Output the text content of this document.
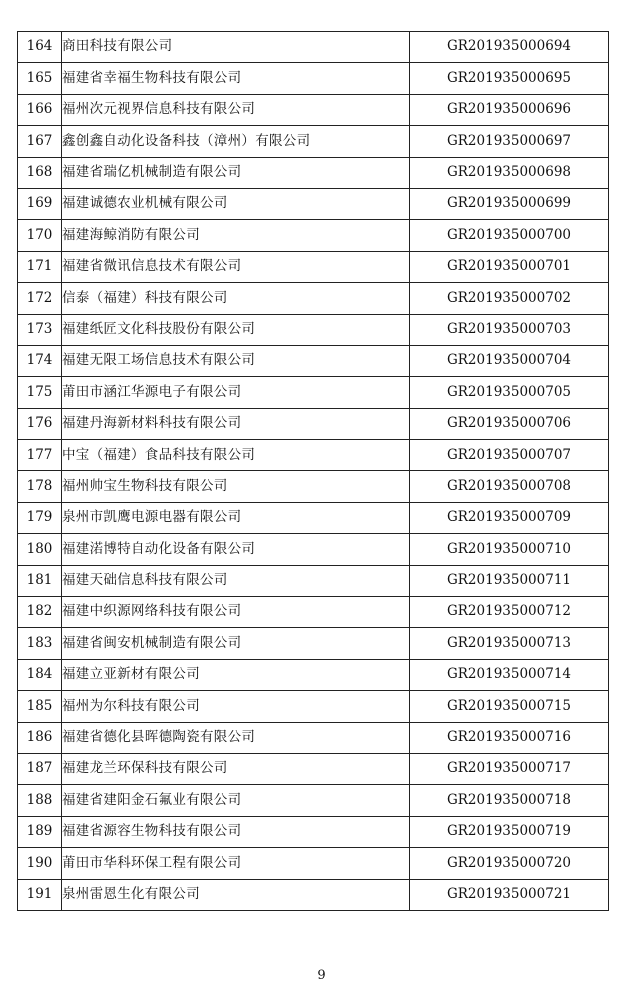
164	商田科技有限公司	GR201935000694
165	福建省幸福生物科技有限公司	GR201935000695
166	福州次元视界信息科技有限公司	GR201935000696
167	鑫创鑫自动化设备科技（漳州）有限公司	GR201935000697
168	福建省瑞亿机械制造有限公司	GR201935000698
169	福建诚德农业机械有限公司	GR201935000699
170	福建海鲸消防有限公司	GR201935000700
171	福建省微讯信息技术有限公司	GR201935000701
172	信泰（福建）科技有限公司	GR201935000702
173	福建纸匠文化科技股份有限公司	GR201935000703
174	福建无限工场信息技术有限公司	GR201935000704
175	莆田市涵江华源电子有限公司	GR201935000705
176	福建丹海新材料科技有限公司	GR201935000706
177	中宝（福建）食品科技有限公司	GR201935000707
178	福州帅宝生物科技有限公司	GR201935000708
179	泉州市凯鹰电源电器有限公司	GR201935000709
180	福建渃博特自动化设备有限公司	GR201935000710
181	福建天础信息科技有限公司	GR201935000711
182	福建中织源网络科技有限公司	GR201935000712
183	福建省闽安机械制造有限公司	GR201935000713
184	福建立亚新材有限公司	GR201935000714
185	福州为尔科技有限公司	GR201935000715
186	福建省德化县晖德陶瓷有限公司	GR201935000716
187	福建龙兰环保科技有限公司	GR201935000717
188	福建省建阳金石氟业有限公司	GR201935000718
189	福建省源容生物科技有限公司	GR201935000719
190	莆田市华科环保工程有限公司	GR201935000720
191	泉州雷恩生化有限公司	GR201935000721
9
